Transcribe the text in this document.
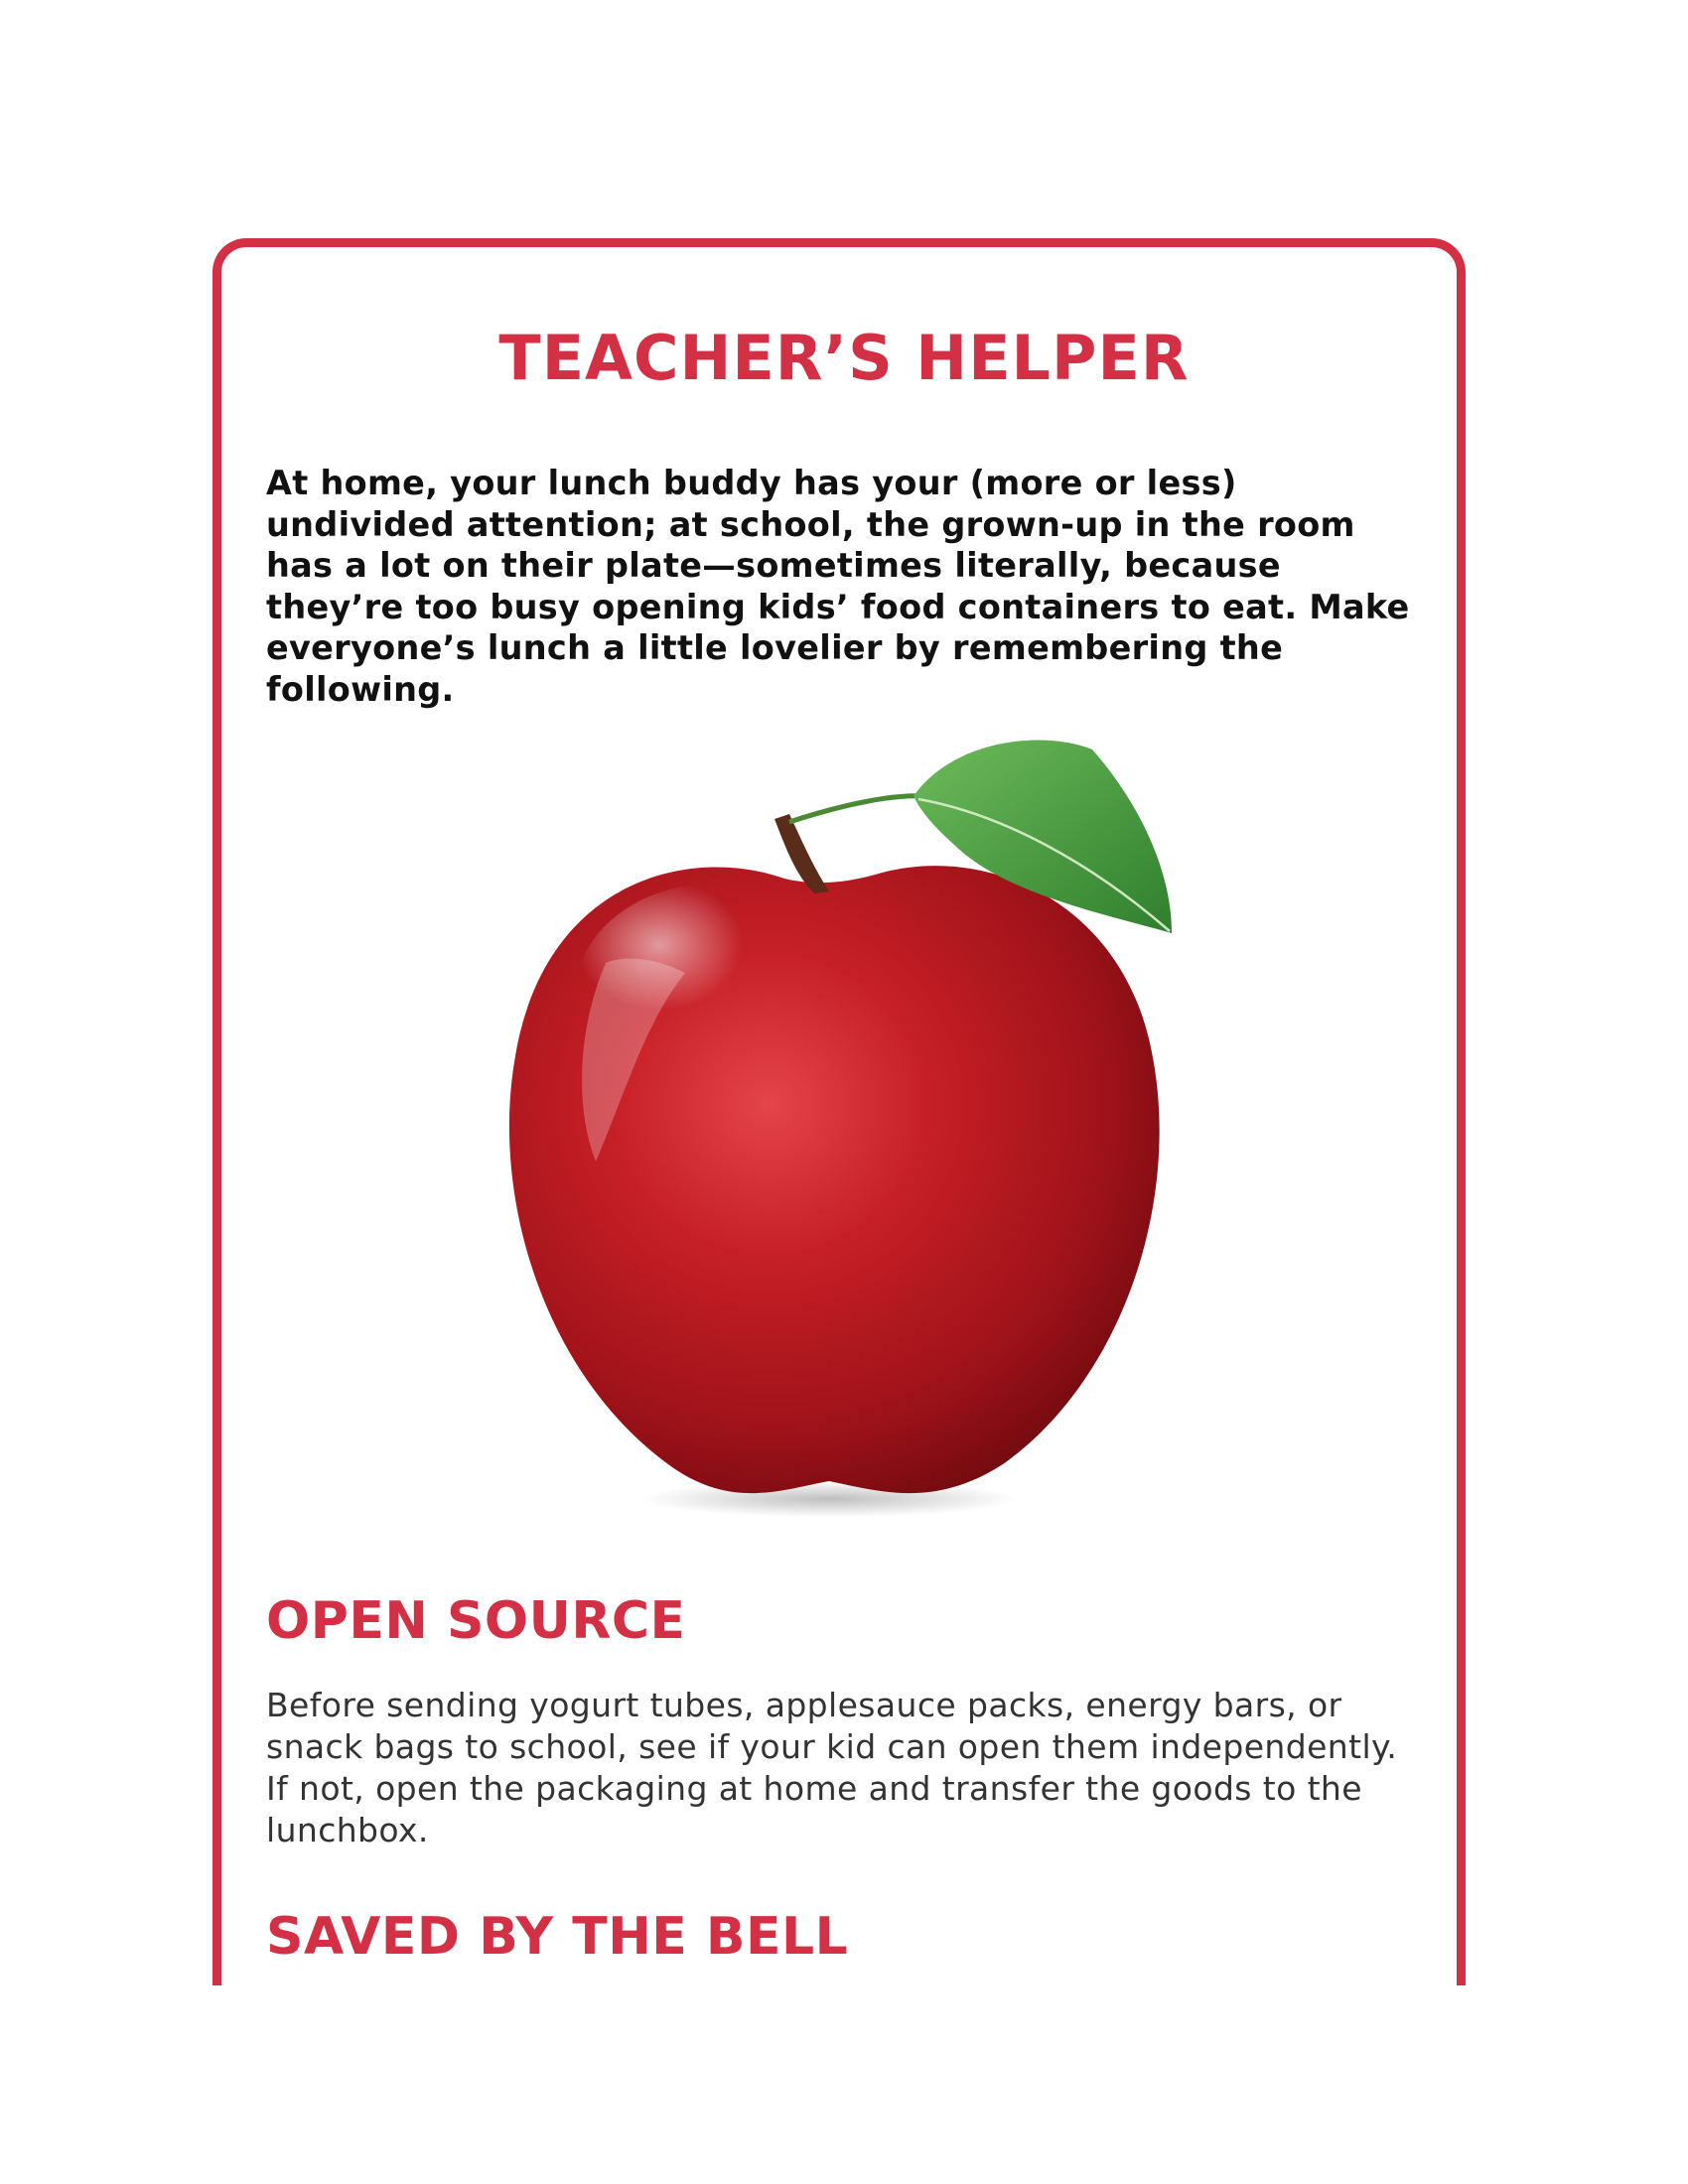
TEACHER’S HELPER

At home, your lunch buddy has your (more or less) undivided attention; at school, the grown-up in the room has a lot on their plate—sometimes literally, because they’re too busy opening kids’ food containers to eat. Make everyone’s lunch a little lovelier by remembering the following.

OPEN SOURCE

Before sending yogurt tubes, applesauce packs, energy bars, or snack bags to school, see if your kid can open them independently. If not, open the packaging at home and transfer the goods to the lunchbox.

SAVED BY THE BELL
